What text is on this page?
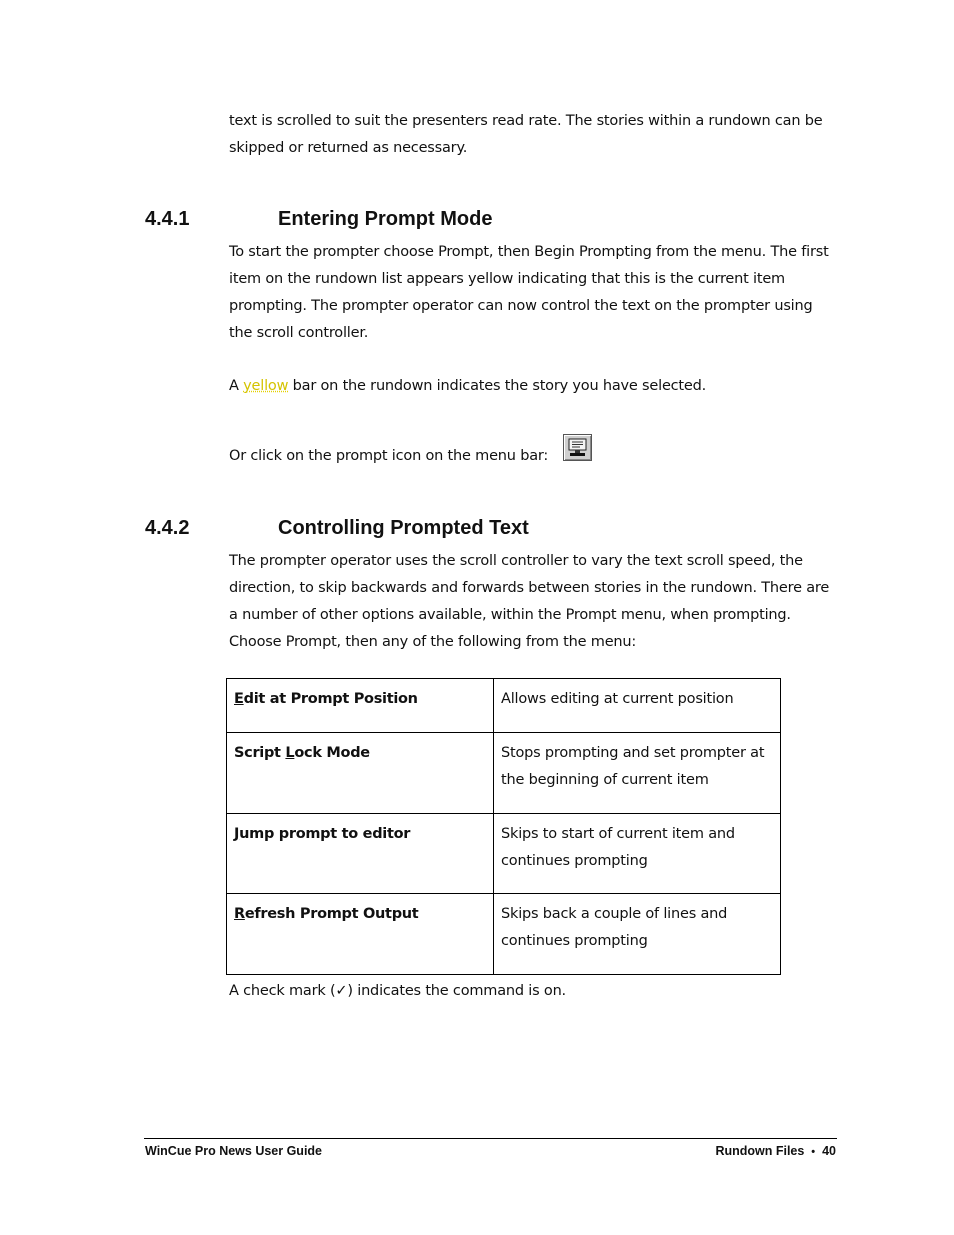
text is scrolled to suit the presenters read rate. The stories within a rundown can be
skipped or returned as necessary.
4.4.1	Entering Prompt Mode
To start the prompter choose Prompt, then Begin Prompting from the menu. The first
item on the rundown list appears yellow indicating that this is the current item
prompting. The prompter operator can now control the text on the prompter using
the scroll controller.
A yellow bar on the rundown indicates the story you have selected.
Or click on the prompt icon on the menu bar:
4.4.2	Controlling Prompted Text
The prompter operator uses the scroll controller to vary the text scroll speed, the
direction, to skip backwards and forwards between stories in the rundown. There are
a number of other options available, within the Prompt menu, when prompting.
Choose Prompt, then any of the following from the menu:
Edit at Prompt Position	Allows editing at current position

Script Lock Mode	Stops prompting and set prompter at
the beginning of current item

Jump prompt to editor	Skips to start of current item and
continues prompting

Refresh Prompt Output	Skips back a couple of lines and
continues prompting
A check mark (✓) indicates the command is on.
WinCue Pro News User Guide	Rundown Files • 40
